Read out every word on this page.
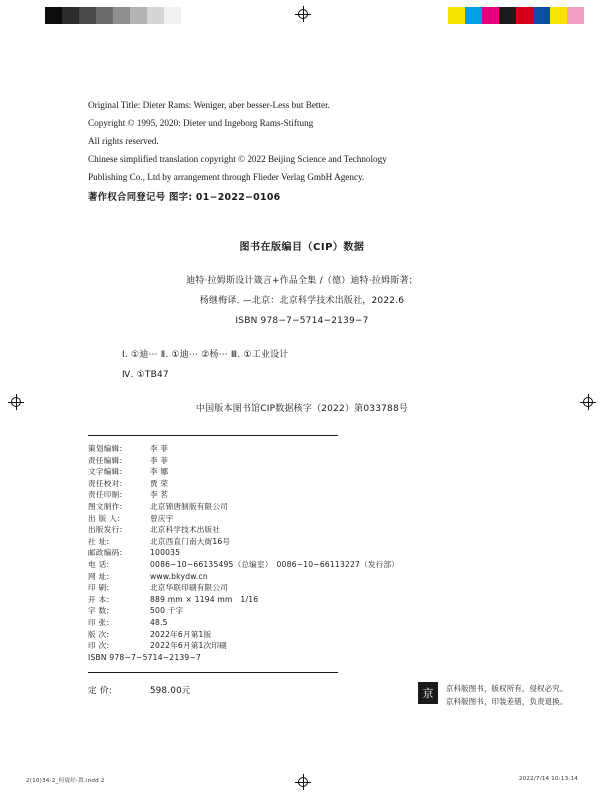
Original Title: Dieter Rams: Weniger, aber besser-Less but Better.
Copyright © 1995, 2020: Dieter und Ingeborg Rams-Stiftung
All rights reserved.
Chinese simplified translation copyright © 2022 Beijing Science and Technology
Publishing Co., Ltd by arrangement through Flieder Verlag GmbH Agency.
著作权合同登记号 图字: 01−2022−0106
图书在版编目（CIP）数据
迪特·拉姆斯设计箴言+作品全集 /（德）迪特·拉姆斯著；
杨继梅译. —北京：北京科学技术出版社，2022.6
ISBN 978−7−5714−2139−7
Ⅰ. ①迪⋯ Ⅱ. ①迪⋯ ②杨⋯ Ⅲ. ①工业设计
Ⅳ. ①TB47
中国版本图书馆CIP数据核字（2022）第033788号
策划编辑:	李 菲
责任编辑:	李 菲
文字编辑:	李 娜
责任校对:	贾 荣
责任印制:	李 茗
图文制作:	北京锦唐制版有限公司
出 版 人:	曾庆宇
出版发行:	北京科学技术出版社
社 址:	北京西直门南大街16号
邮政编码:	100035
电 话:	0086−10−66135495（总编室）　0086−10−66113227（发行部）
网 址:	www.bkydw.cn
印 刷:	北京华联印刷有限公司
开 本:	889 mm × 1194 mm　1/16
字 数:	500 千字
印 张:	48.5
版 次:	2022年6月第1版
印 次:	2022年6月第1次印刷
ISBN 978−7−5714−2139−7
定 价:	598.00元	京	京科版图书，版权所有，侵权必究。
京科版图书，印装差错，负责退换。
2(10)34-2_何震好-置.indd 2	2022/7/14 10:13:14
